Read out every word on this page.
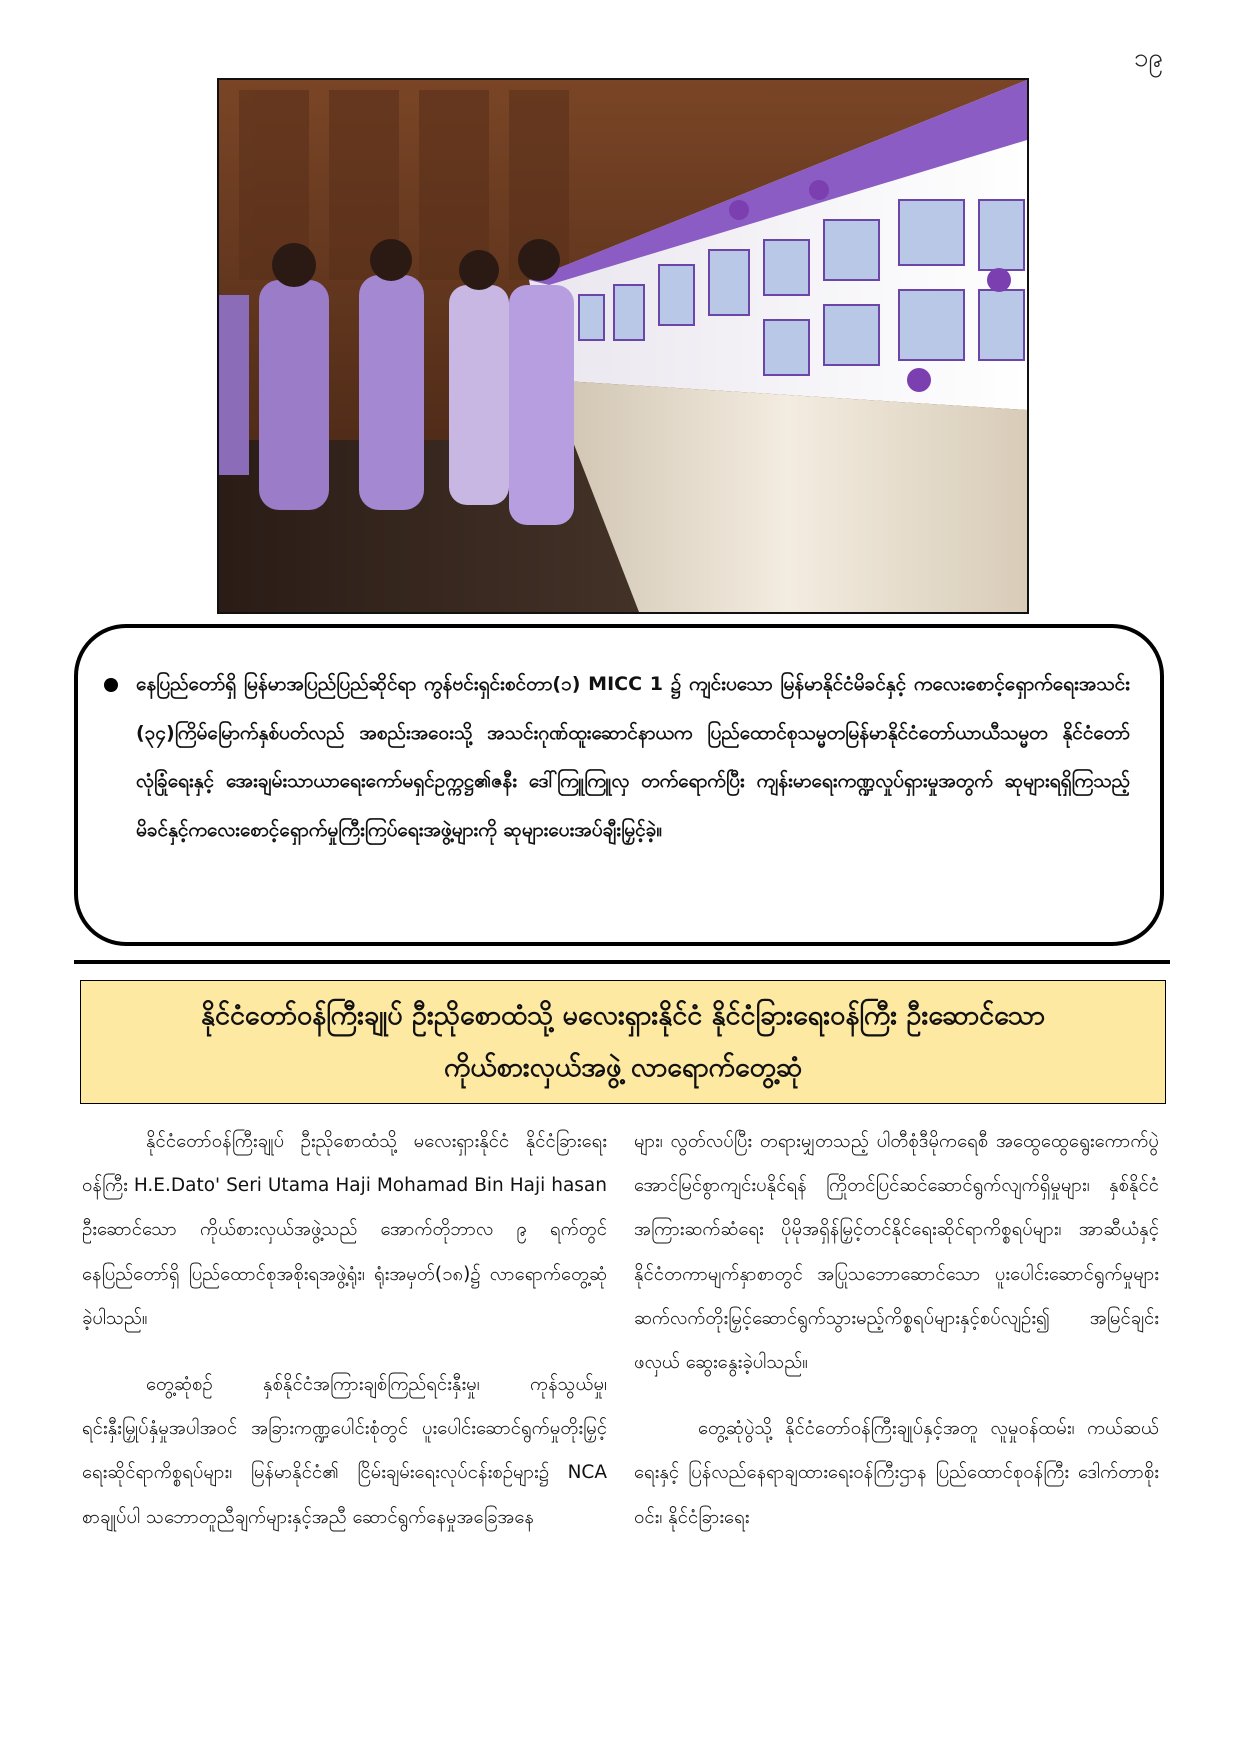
၁၉
နေပြည်တော်ရှိ မြန်မာအပြည်ပြည်ဆိုင်ရာ ကွန်ဗင်းရှင်းစင်တာ(၁) MICC 1 ၌ ကျင်းပသော မြန်မာနိုင်ငံမိခင်နှင့် ကလေးစောင့်ရှောက်ရေးအသင်း (၃၄)ကြိမ်မြောက်နှစ်ပတ်လည် အစည်းအဝေးသို့ အသင်းဂုဏ်ထူးဆောင်နာယက ပြည်ထောင်စုသမ္မတမြန်မာနိုင်ငံတော်ယာယီသမ္မတ နိုင်ငံတော်လုံခြုံရေးနှင့် အေးချမ်းသာယာရေးကော်မရှင်ဥက္ကဋ္ဌ၏ဇနီး ဒေါ်ကြူကြူလှ တက်ရောက်ပြီး ကျန်းမာရေးကဏ္ဍလှုပ်ရှားမှုအတွက် ဆုများရရှိကြသည့် မိခင်နှင့်ကလေးစောင့်ရှောက်မှုကြီးကြပ်ရေးအဖွဲ့များကို ဆုများပေးအပ်ချီးမြှင့်ခဲ့။
နိုင်ငံတော်ဝန်ကြီးချုပ် ဦးညိုစောထံသို့ မလေးရှားနိုင်ငံ နိုင်ငံခြားရေးဝန်ကြီး ဦးဆောင်သော
ကိုယ်စားလှယ်အဖွဲ့ လာရောက်တွေ့ဆုံ

နိုင်ငံတော်ဝန်ကြီးချုပ် ဦးညိုစောထံသို့ မလေးရှားနိုင်ငံ နိုင်ငံခြားရေးဝန်ကြီး H.E.Dato' Seri Utama Haji Mohamad Bin Haji hasan ဦးဆောင်သော ကိုယ်စားလှယ်အဖွဲ့သည် အောက်တိုဘာလ ၉ ရက်တွင် နေပြည်တော်ရှိ ပြည်ထောင်စုအစိုးရအဖွဲ့ရုံး၊ ရုံးအမှတ်(၁၈)၌ လာရောက်တွေ့ဆုံခဲ့ပါသည်။

တွေ့ဆုံစဉ် နှစ်နိုင်ငံအကြားချစ်ကြည်ရင်းနှီးမှု၊ ကုန်သွယ်မှု၊ ရင်းနှီးမြှုပ်နှံမှုအပါအဝင် အခြားကဏ္ဍပေါင်းစုံတွင် ပူးပေါင်းဆောင်ရွက်မှုတိုးမြှင့်ရေးဆိုင်ရာကိစ္စရပ်များ၊ မြန်မာနိုင်ငံ၏ ငြိမ်းချမ်းရေးလုပ်ငန်းစဉ်များ၌ NCA စာချုပ်ပါ သဘောတူညီချက်များနှင့်အညီ ဆောင်ရွက်နေမှုအခြေအနေ

များ၊ လွတ်လပ်ပြီး တရားမျှတသည့် ပါတီစုံဒီမိုကရေစီ အထွေထွေရွေးကောက်ပွဲ အောင်မြင်စွာကျင်းပနိုင်ရန် ကြိုတင်ပြင်ဆင်ဆောင်ရွက်လျက်ရှိမှုများ၊ နှစ်နိုင်ငံအကြားဆက်ဆံရေး ပိုမိုအရှိန်မြှင့်တင်နိုင်ရေးဆိုင်ရာကိစ္စရပ်များ၊ အာဆီယံနှင့်နိုင်ငံတကာမျက်နှာစာတွင် အပြုသဘောဆောင်သော ပူးပေါင်းဆောင်ရွက်မှုများ ဆက်လက်တိုးမြှင့်ဆောင်ရွက်သွားမည့်ကိစ္စရပ်များနှင့်စပ်လျဉ်း၍ အမြင်ချင်းဖလှယ် ဆွေးနွေးခဲ့ပါသည်။

တွေ့ဆုံပွဲသို့ နိုင်ငံတော်ဝန်ကြီးချုပ်နှင့်အတူ လူမှုဝန်ထမ်း၊ ကယ်ဆယ်ရေးနှင့် ပြန်လည်နေရာချထားရေးဝန်ကြီးဌာန ပြည်ထောင်စုဝန်ကြီး ဒေါက်တာစိုးဝင်း၊ နိုင်ငံခြားရေး
